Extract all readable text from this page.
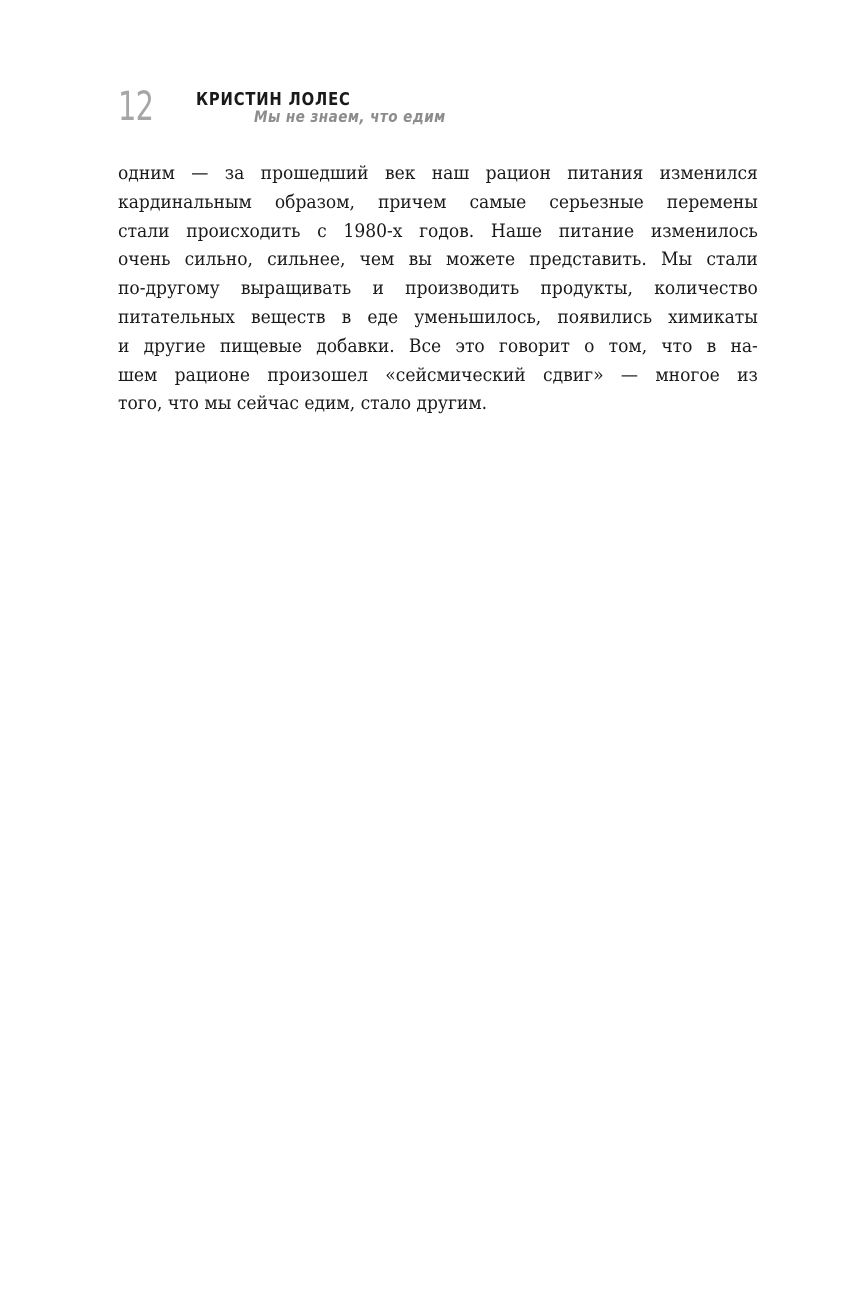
12 КРИСТИН ЛОЛЕС
Мы не знаем, что едим
одним — за прошедший век наш рацион питания изменился
кардинальным образом, причем самые серьезные перемены
стали происходить с 1980-х годов. Наше питание изменилось
очень сильно, сильнее, чем вы можете представить. Мы стали
по-другому выращивать и производить продукты, количество
питательных веществ в еде уменьшилось, появились химикаты
и другие пищевые добавки. Все это говорит о том, что в на-
шем рационе произошел «сейсмический сдвиг» — многое из
того, что мы сейчас едим, стало другим.
